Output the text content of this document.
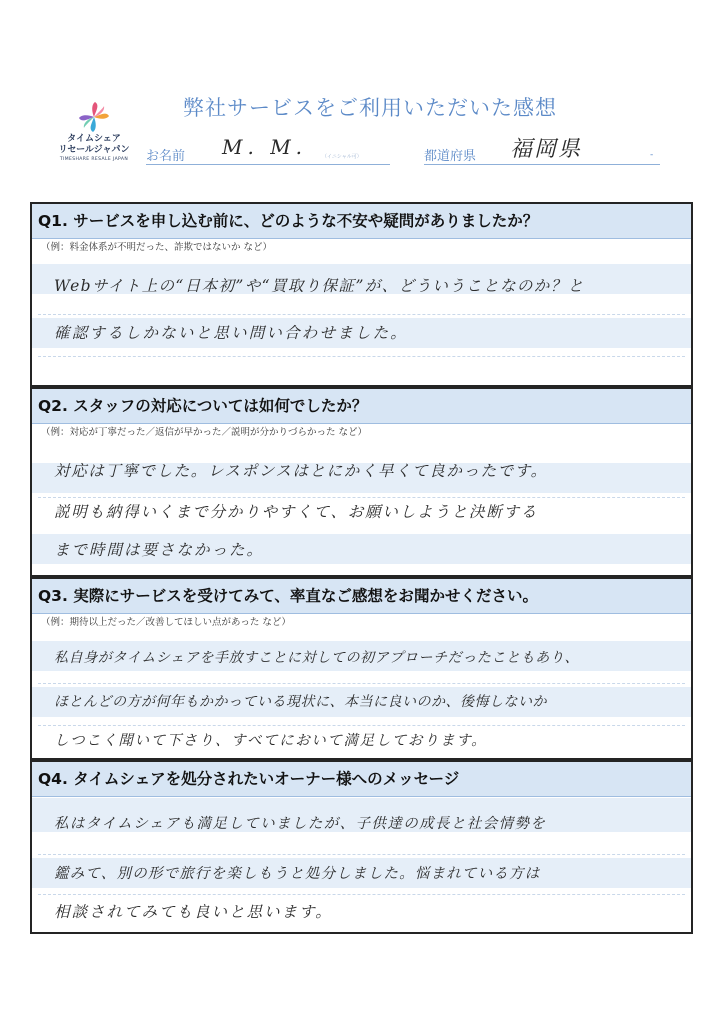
タイムシェア
リセールジャパン
TIMESHARE RESALE JAPAN
弊社サービスをご利用いただいた感想
お名前 M. M.	（イニシャル可）	都道府県 福岡県	-
Q1. サービスを申し込む前に、どのような不安や疑問がありましたか？
（例：料金体系が不明だった、詐欺ではないか など）
Webサイト上の“日本初”や“買取り保証”が、どういうことなのか？と
確認するしかないと思い問い合わせました。
Q2. スタッフの対応については如何でしたか？
（例：対応が丁寧だった／返信が早かった／説明が分かりづらかった など）
対応は丁寧でした。レスポンスはとにかく早くて良かったです。
説明も納得いくまで分かりやすくて、お願いしようと決断する
まで時間は要さなかった。
Q3. 実際にサービスを受けてみて、率直なご感想をお聞かせください。
（例：期待以上だった／改善してほしい点があった など）
私自身がタイムシェアを手放すことに対しての初アプローチだったこともあり、
ほとんどの方が何年もかかっている現状に、本当に良いのか、後悔しないか
しつこく聞いて下さり、すべてにおいて満足しております。
Q4. タイムシェアを処分されたいオーナー様へのメッセージ
私はタイムシェアも満足していましたが、子供達の成長と社会情勢を
鑑みて、別の形で旅行を楽しもうと処分しました。悩まれている方は
相談されてみても良いと思います。
